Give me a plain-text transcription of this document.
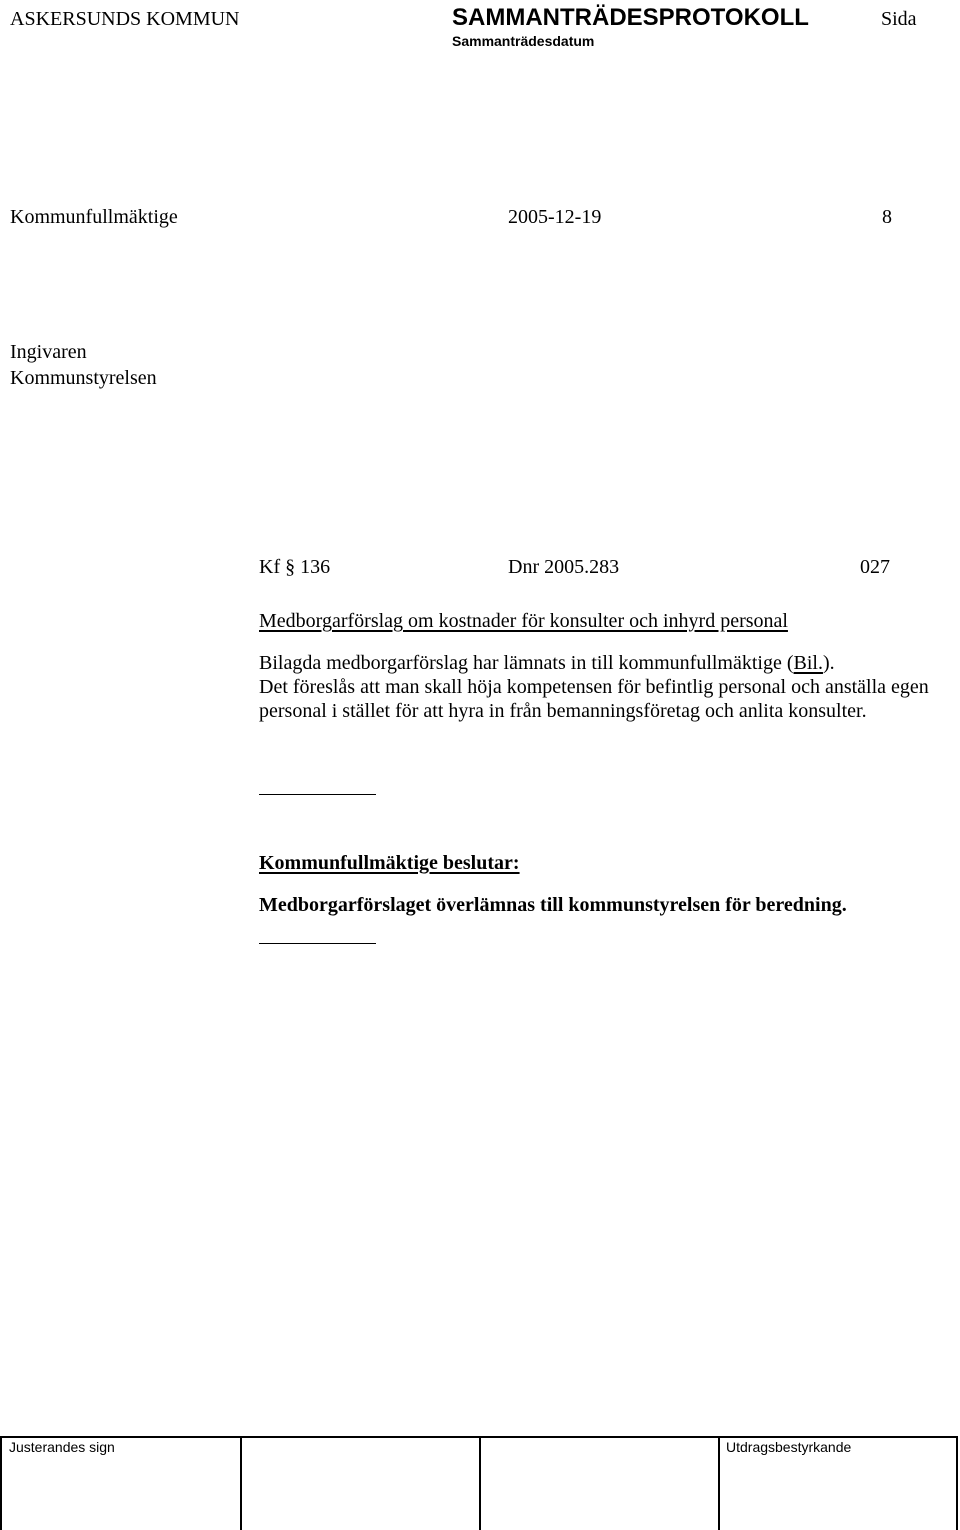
ASKERSUNDS KOMMUN	SAMMANTRÄDESPROTOKOLL	Sida
Sammanträdesdatum
Kommunfullmäktige	2005-12-19	8
Ingivaren
Kommunstyrelsen
Kf § 136	Dnr 2005.283	027
Medborgarförslag om kostnader för konsulter och inhyrd personal
Bilagda medborgarförslag har lämnats in till kommunfullmäktige (Bil.).
Det föreslås att man skall höja kompetensen för befintlig personal och anställa egen personal i stället för att hyra in från bemanningsföretag och anlita konsulter.
Kommunfullmäktige beslutar:
Medborgarförslaget överlämnas till kommunstyrelsen för beredning.
Justerandes sign	Utdragsbestyrkande
